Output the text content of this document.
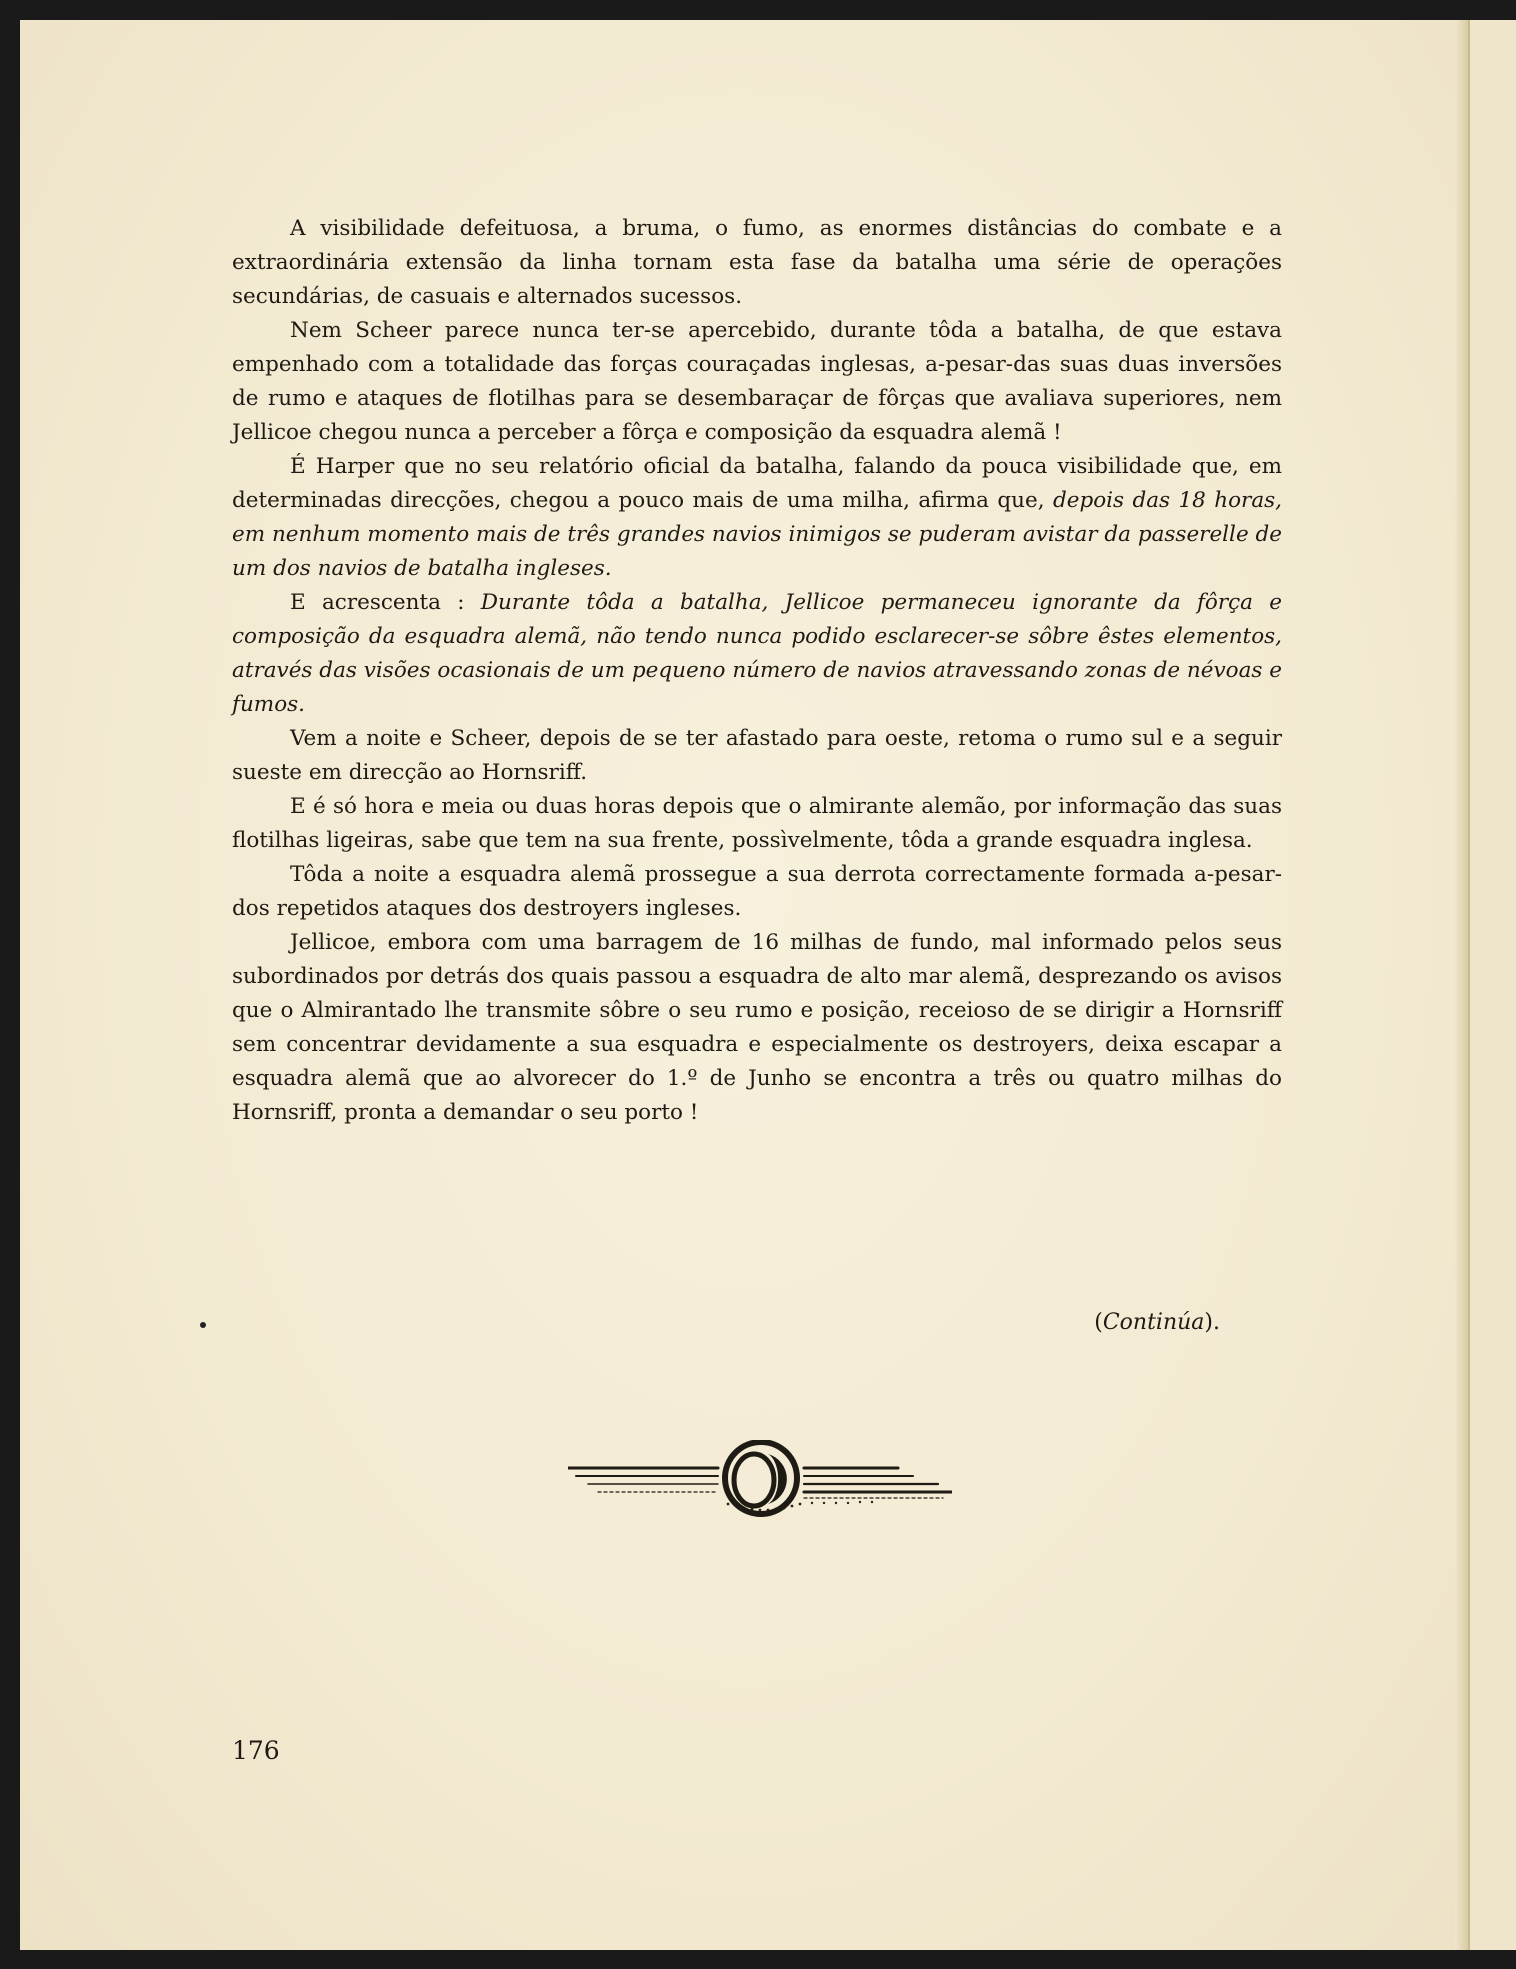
A visibilidade defeituosa, a bruma, o fumo, as enormes distâncias do combate e a extraordinária extensão da linha tornam esta fase da batalha uma série de operações secundárias, de casuais e alternados sucessos.

Nem Scheer parece nunca ter-se apercebido, durante tôda a batalha, de que estava empenhado com a totalidade das forças couraçadas inglesas, a-pesar-das suas duas inversões de rumo e ataques de flotilhas para se desembaraçar de fôrças que avaliava superiores, nem Jellicoe chegou nunca a perceber a fôrça e composição da esquadra alemã !

É Harper que no seu relatório oficial da batalha, falando da pouca visibilidade que, em determinadas direcções, chegou a pouco mais de uma milha, afirma que, depois das 18 horas, em nenhum momento mais de três grandes navios inimigos se puderam avistar da passerelle de um dos navios de batalha ingleses.

E acrescenta : Durante tôda a batalha, Jellicoe permaneceu ignorante da fôrça e composição da esquadra alemã, não tendo nunca podido esclarecer-se sôbre êstes elementos, através das visões ocasionais de um pequeno número de navios atravessando zonas de névoas e fumos.

Vem a noite e Scheer, depois de se ter afastado para oeste, retoma o rumo sul e a seguir sueste em direcção ao Hornsriff.

E é só hora e meia ou duas horas depois que o almirante alemão, por informação das suas flotilhas ligeiras, sabe que tem na sua frente, possìvelmente, tôda a grande esquadra inglesa.

Tôda a noite a esquadra alemã prossegue a sua derrota correctamente formada a-pesar-dos repetidos ataques dos destroyers ingleses.

Jellicoe, embora com uma barragem de 16 milhas de fundo, mal informado pelos seus subordinados por detrás dos quais passou a esquadra de alto mar alemã, desprezando os avisos que o Almirantado lhe transmite sôbre o seu rumo e posição, receioso de se dirigir a Hornsriff sem concentrar devidamente a sua esquadra e especialmente os destroyers, deixa escapar a esquadra alemã que ao alvorecer do 1.º de Junho se encontra a três ou quatro milhas do Hornsriff, pronta a demandar o seu porto !

(Continúa).
176
